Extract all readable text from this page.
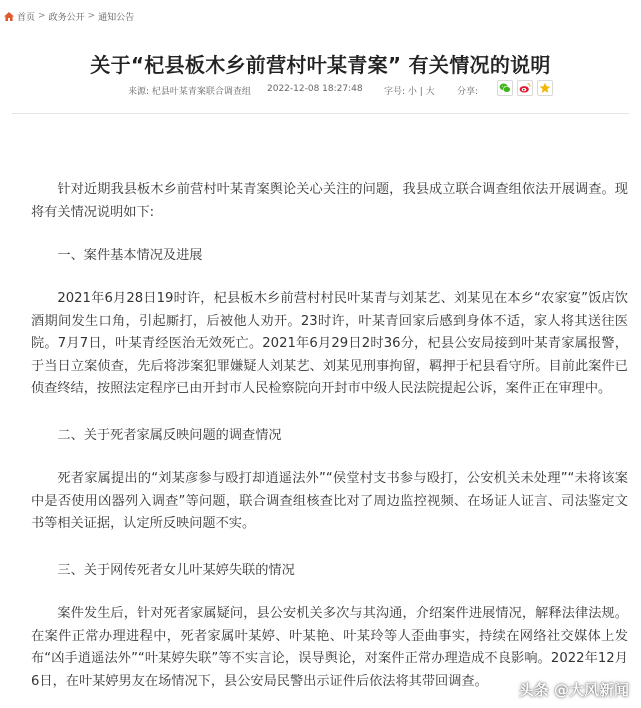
首页 > 政务公开 > 通知公告
关于“杞县板木乡前营村叶某青案” 有关情况的说明
来源: 杞县叶某青案联合调查组 2022-12-08 18:27:48 字号: 小 | 大 分享:

针对近期我县板木乡前营村叶某青案舆论关心关注的问题，我县成立联合调查组依法开展调查。现将有关情况说明如下:

一、案件基本情况及进展

2021年6月28日19时许，杞县板木乡前营村村民叶某青与刘某艺、刘某见在本乡“农家宴”饭店饮酒期间发生口角，引起厮打，后被他人劝开。23时许，叶某青回家后感到身体不适，家人将其送往医院。7月7日，叶某青经医治无效死亡。2021年6月29日2时36分，杞县公安局接到叶某青家属报警，于当日立案侦查，先后将涉案犯罪嫌疑人刘某艺、刘某见刑事拘留，羁押于杞县看守所。目前此案件已侦查终结，按照法定程序已由开封市人民检察院向开封市中级人民法院提起公诉，案件正在审理中。

二、关于死者家属反映问题的调查情况

死者家属提出的“刘某彦参与殴打却逍遥法外”“侯堂村支书参与殴打，公安机关未处理”“未将该案中是否使用凶器列入调查”等问题，联合调查组核查比对了周边监控视频、在场证人证言、司法鉴定文书等相关证据，认定所反映问题不实。

三、关于网传死者女儿叶某婷失联的情况

案件发生后，针对死者家属疑问，县公安机关多次与其沟通，介绍案件进展情况，解释法律法规。在案件正常办理进程中，死者家属叶某婷、叶某艳、叶某玲等人歪曲事实，持续在网络社交媒体上发布“凶手逍遥法外”“叶某婷失联”等不实言论，误导舆论，对案件正常办理造成不良影响。2022年12月6日，在叶某婷男友在场情况下，县公安局民警出示证件后依法将其带回调查。	头条 @大风新闻
